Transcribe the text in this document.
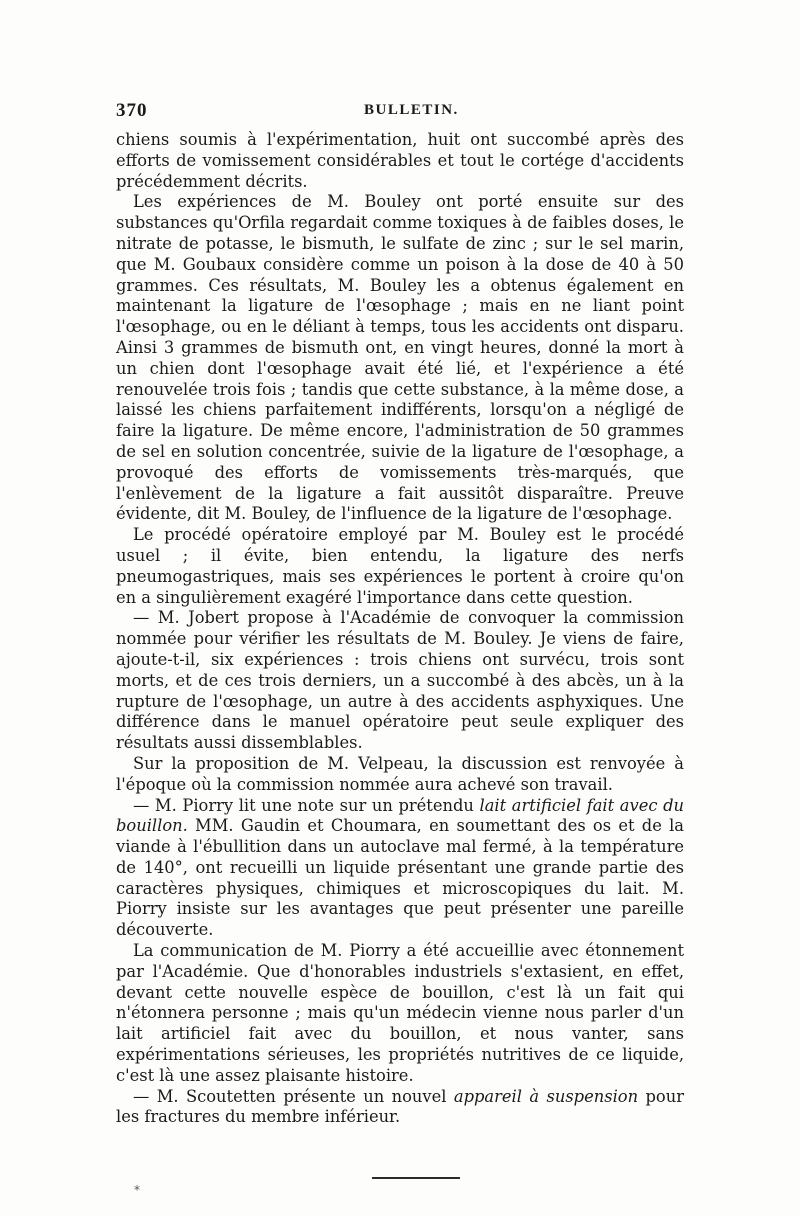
370	BULLETIN.

chiens soumis à l'expérimentation, huit ont succombé après des efforts de vomissement considérables et tout le cortége d'accidents précédemment décrits.

Les expériences de M. Bouley ont porté ensuite sur des substances qu'Orfila regardait comme toxiques à de faibles doses, le nitrate de potasse, le bismuth, le sulfate de zinc ; sur le sel marin, que M. Goubaux considère comme un poison à la dose de 40 à 50 grammes. Ces résultats, M. Bouley les a obtenus également en maintenant la ligature de l'œsophage ; mais en ne liant point l'œsophage, ou en le déliant à temps, tous les accidents ont disparu. Ainsi 3 grammes de bismuth ont, en vingt heures, donné la mort à un chien dont l'œsophage avait été lié, et l'expérience a été renouvelée trois fois ; tandis que cette substance, à la même dose, a laissé les chiens parfaitement indifférents, lorsqu'on a négligé de faire la ligature. De même encore, l'administration de 50 grammes de sel en solution concentrée, suivie de la ligature de l'œsophage, a provoqué des efforts de vomissements très-marqués, que l'enlèvement de la ligature a fait aussitôt disparaître. Preuve évidente, dit M. Bouley, de l'influence de la ligature de l'œsophage.

Le procédé opératoire employé par M. Bouley est le procédé usuel ; il évite, bien entendu, la ligature des nerfs pneumogastriques, mais ses expériences le portent à croire qu'on en a singulièrement exagéré l'importance dans cette question.

— M. Jobert propose à l'Académie de convoquer la commission nommée pour vérifier les résultats de M. Bouley. Je viens de faire, ajoute-t-il, six expériences : trois chiens ont survécu, trois sont morts, et de ces trois derniers, un a succombé à des abcès, un à la rupture de l'œsophage, un autre à des accidents asphyxiques. Une différence dans le manuel opératoire peut seule expliquer des résultats aussi dissemblables.

Sur la proposition de M. Velpeau, la discussion est renvoyée à l'époque où la commission nommée aura achevé son travail.

— M. Piorry lit une note sur un prétendu lait artificiel fait avec du bouillon. MM. Gaudin et Choumara, en soumettant des os et de la viande à l'ébullition dans un autoclave mal fermé, à la température de 140°, ont recueilli un liquide présentant une grande partie des caractères physiques, chimiques et microscopiques du lait. M. Piorry insiste sur les avantages que peut présenter une pareille découverte.

La communication de M. Piorry a été accueillie avec étonnement par l'Académie. Que d'honorables industriels s'extasient, en effet, devant cette nouvelle espèce de bouillon, c'est là un fait qui n'étonnera personne ; mais qu'un médecin vienne nous parler d'un lait artificiel fait avec du bouillon, et nous vanter, sans expérimentations sérieuses, les propriétés nutritives de ce liquide, c'est là une assez plaisante histoire.

— M. Scoutetten présente un nouvel appareil à suspension pour les fractures du membre inférieur.

*
